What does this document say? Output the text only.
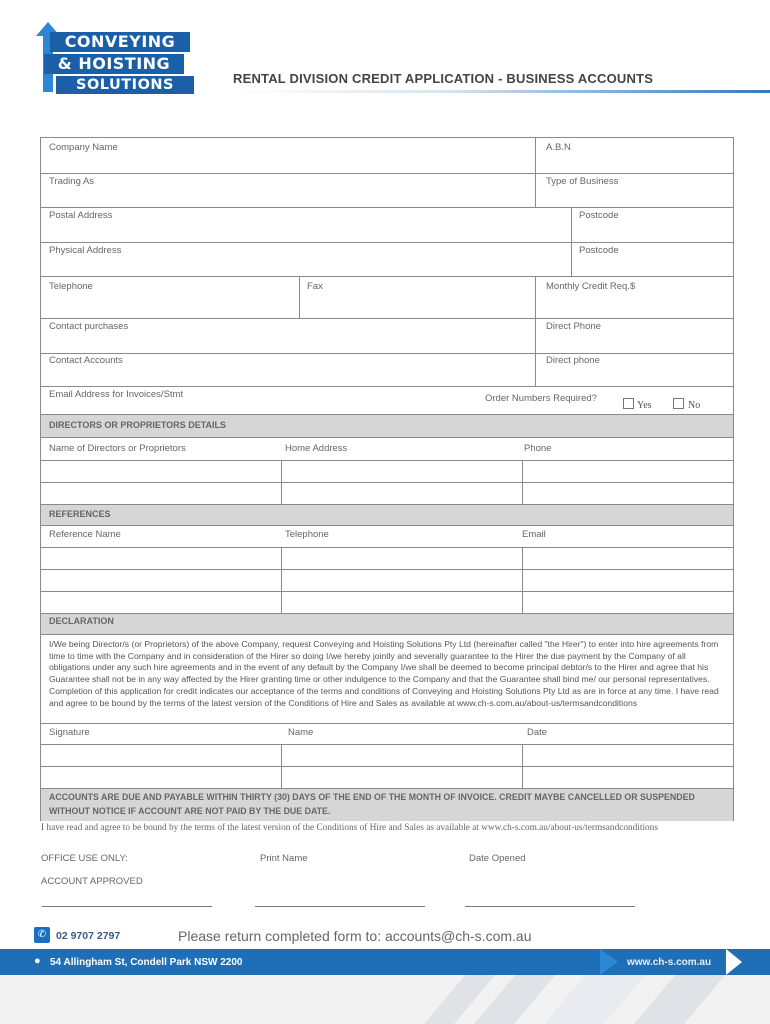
CONVEYING
& HOISTING
SOLUTIONS	RENTAL DIVISION CREDIT APPLICATION - BUSINESS ACCOUNTS
Company Name	A.B.N
Trading As	Type of Business
Postal Address	Postcode
Physical Address	Postcode
Telephone	Fax	Monthly Credit Req.$
Contact purchases	Direct Phone
Contact Accounts	Direct phone
Email Address for Invoices/Stmt	Order Numbers Required?
Yes	No
DIRECTORS OR PROPRIETORS DETAILS
Name of Directors or Proprietors	Home Address	Phone
REFERENCES
Reference Name	Telephone	Email
DECLARATION
I/We being Director/s (or Proprietors) of the above Company, request Conveying and Hoisting Solutions Pty Ltd (hereinafter called "the Hirer") to enter into hire agreements from time to time with the Company and in consideration of the Hirer so doing I/we hereby jointly and severally guarantee to the Hirer the due payment by the Company of all obligations under any such hire agreements and in the event of any default by the Company I/we shall be deemed to become principal debtor/s to the Hirer and agree that his Guarantee shall not be in any way affected by the Hirer granting time or other indulgence to the Company and that the Guarantee shall bind me/ our personal representatives. Completion of this application for credit indicates our acceptance of the terms and conditions of Conveying and Hoisting Solutions Pty Ltd as are in force at any time. I have read and agree to be bound by the terms of the latest version of the Conditions of Hire and Sales as available at www.ch-s.com.au/about-us/termsandconditions
Signature	Name	Date
ACCOUNTS ARE DUE AND PAYABLE WITHIN THIRTY (30) DAYS OF THE END OF THE MONTH OF INVOICE. CREDIT MAYBE CANCELLED OR SUSPENDED WITHOUT NOTICE IF ACCOUNT ARE NOT PAID BY THE DUE DATE.
I have read and agree to be bound by the terms of the latest version of the Conditions of Hire and Sales as available at www.ch-s.com.au/about-us/termsandconditions
OFFICE USE ONLY:	Print Name	Date Opened
ACCOUNT APPROVED
✆ 02 9707 2797	Please return completed form to: accounts@ch-s.com.au
● 54 Allingham St, Condell Park NSW 2200	www.ch-s.com.au
